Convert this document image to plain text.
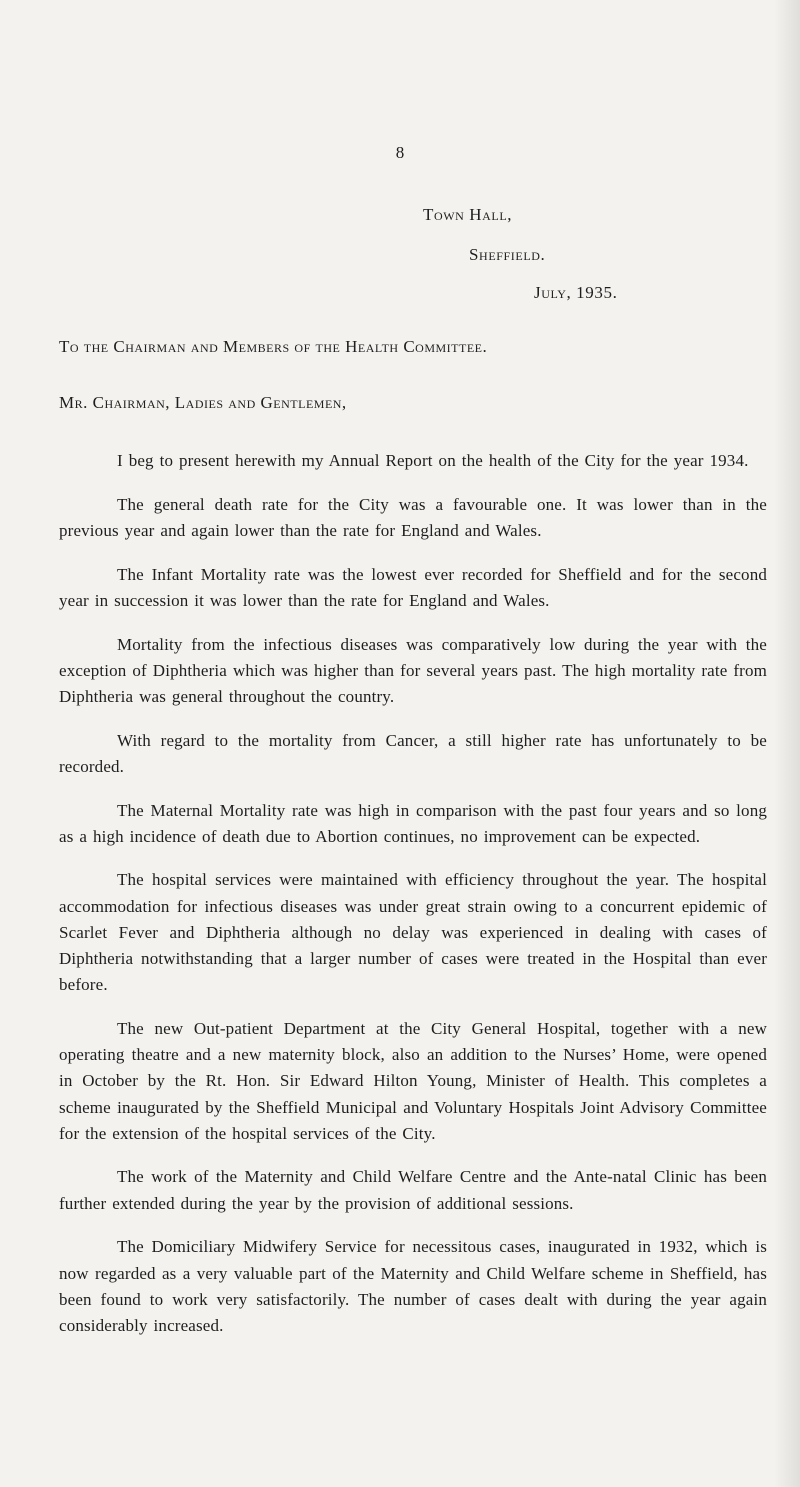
8
Town Hall,
Sheffield.
July, 1935.
To the Chairman and Members of the Health Committee.
Mr. Chairman, Ladies and Gentlemen,

I beg to present herewith my Annual Report on the health of the City for the year 1934.

The general death rate for the City was a favourable one. It was lower than in the previous year and again lower than the rate for England and Wales.

The Infant Mortality rate was the lowest ever recorded for Sheffield and for the second year in succession it was lower than the rate for England and Wales.

Mortality from the infectious diseases was comparatively low during the year with the exception of Diphtheria which was higher than for several years past. The high mortality rate from Diphtheria was general throughout the country.

With regard to the mortality from Cancer, a still higher rate has unfortunately to be recorded.

The Maternal Mortality rate was high in comparison with the past four years and so long as a high incidence of death due to Abortion continues, no improvement can be expected.

The hospital services were maintained with efficiency throughout the year. The hospital accommodation for infectious diseases was under great strain owing to a concurrent epidemic of Scarlet Fever and Diphtheria although no delay was experienced in dealing with cases of Diphtheria notwithstanding that a larger number of cases were treated in the Hospital than ever before.

The new Out-patient Department at the City General Hospital, together with a new operating theatre and a new maternity block, also an addition to the Nurses’ Home, were opened in October by the Rt. Hon. Sir Edward Hilton Young, Minister of Health. This completes a scheme inaugurated by the Sheffield Municipal and Voluntary Hospitals Joint Advisory Committee for the extension of the hospital services of the City.

The work of the Maternity and Child Welfare Centre and the Ante-natal Clinic has been further extended during the year by the provision of additional sessions.

The Domiciliary Midwifery Service for necessitous cases, inaugurated in 1932, which is now regarded as a very valuable part of the Maternity and Child Welfare scheme in Sheffield, has been found to work very satisfactorily. The number of cases dealt with during the year again considerably increased.
